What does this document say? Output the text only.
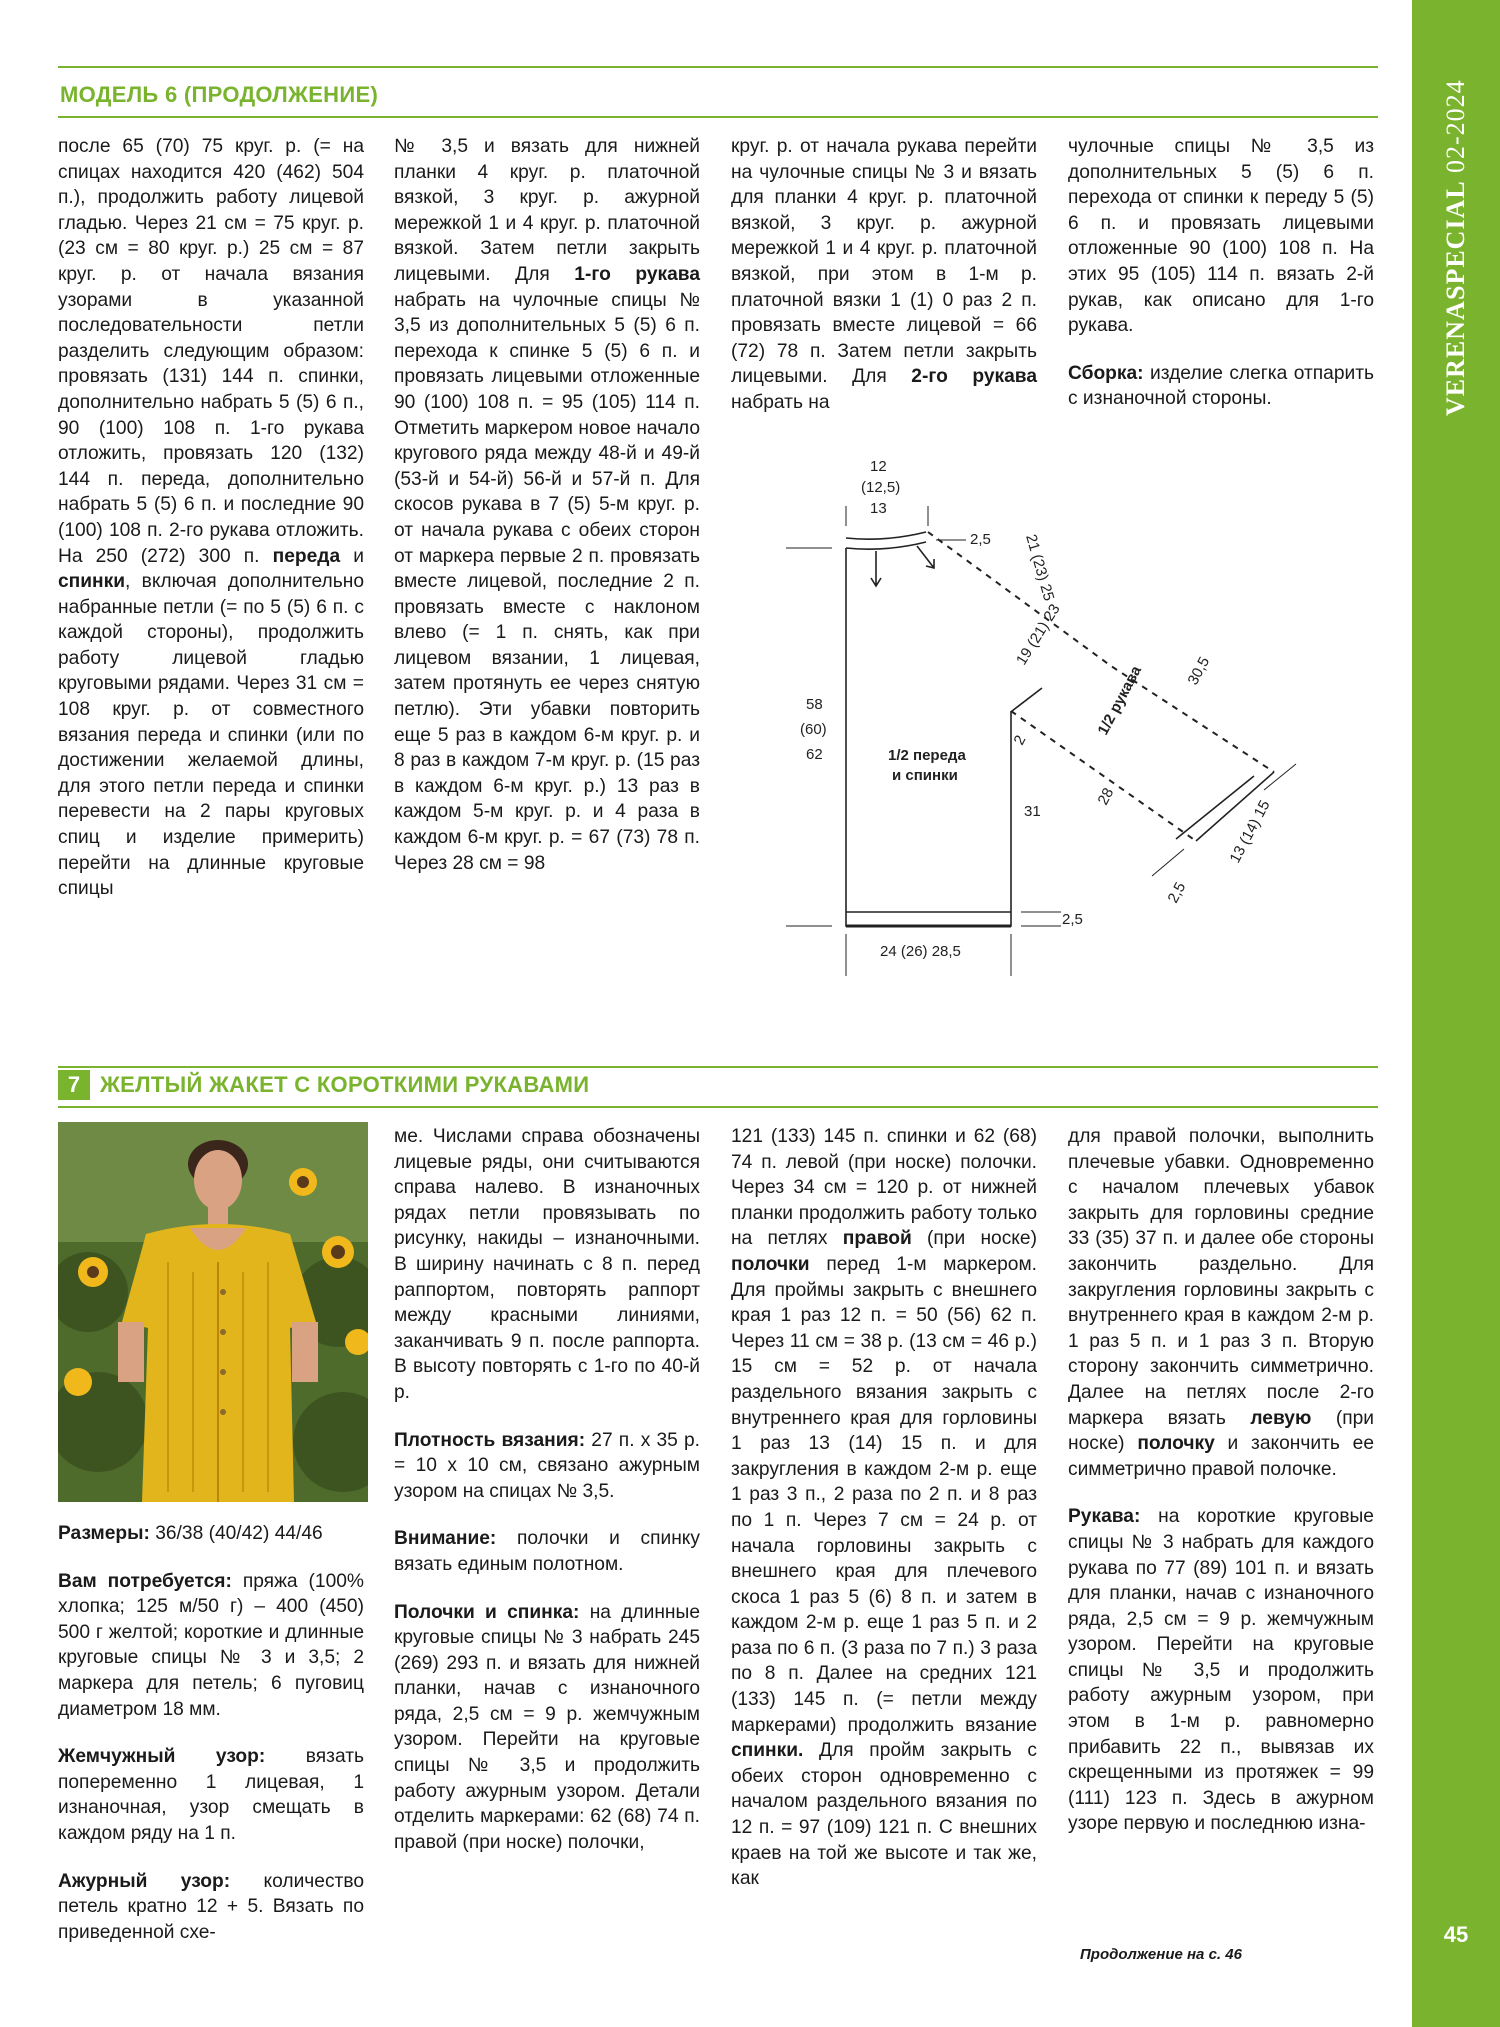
VERENA
SPECIAL

02-2024
45
МОДЕЛЬ 6 (ПРОДОЛЖЕНИЕ)

после 65 (70) 75 круг. р. (= на спицах находится 420 (462) 504 п.), продолжить работу лицевой гладью. Через 21 см = 75 круг. р. (23 см = 80 круг. р.) 25 см = 87 круг. р. от начала вязания узорами в указанной последовательности петли разделить следующим образом: провязать (131) 144 п. спинки, дополнительно набрать 5 (5) 6 п., 90 (100) 108 п. 1-го рукава отложить, провязать 120 (132) 144 п. переда, дополнительно набрать 5 (5) 6 п. и последние 90 (100) 108 п. 2-го рукава отложить. На 250 (272) 300 п. переда и спинки, включая дополнительно набранные петли (= по 5 (5) 6 п. с каждой стороны), продолжить работу лицевой гладью круговыми рядами. Через 31 см = 108 круг. р. от совместного вязания переда и спинки (или по достижении желаемой длины, для этого петли переда и спинки перевести на 2 пары круговых спиц и изделие примерить) перейти на длинные круговые спицы

№ 3,5 и вязать для нижней планки 4 круг. р. платочной вязкой, 3 круг. р. ажурной мережкой 1 и 4 круг. р. платочной вязкой. Затем петли закрыть лицевыми. Для 1-го рукава набрать на чулочные спицы № 3,5 из дополнительных 5 (5) 6 п. перехода к спинке 5 (5) 6 п. и провязать лицевыми отложенные 90 (100) 108 п. = 95 (105) 114 п. Отметить маркером новое начало кругового ряда между 48-й и 49-й (53-й и 54-й) 56-й и 57-й п. Для скосов рукава в 7 (5) 5-м круг. р. от начала рукава с обеих сторон от маркера первые 2 п. провязать вместе лицевой, последние 2 п. провязать вместе с наклоном влево (= 1 п. снять, как при лицевом вязании, 1 лицевая, затем протянуть ее через снятую петлю). Эти убавки повторить еще 5 раз в каждом 6-м круг. р. и 8 раз в каждом 7-м круг. р. (15 раз в каждом 6-м круг. р.) 13 раз в каждом 5-м круг. р. и 4 раза в каждом 6-м круг. р. = 67 (73) 78 п. Через 28 см = 98

круг. р. от начала рукава перейти на чулочные спицы № 3 и вязать для планки 4 круг. р. платочной вязкой, 3 круг. р. ажурной мережкой 1 и 4 круг. р. платочной вязкой, при этом в 1-м р. платочной вязки 1 (1) 0 раз 2 п. провязать вместе лицевой = 66 (72) 78 п. Затем петли закрыть лицевыми. Для 2-го рукава набрать на

чулочные спицы № 3,5 из дополнительных 5 (5) 6 п. перехода от спинки к переду 5 (5) 6 п. и провязать лицевыми отложенные 90 (100) 108 п. На этих 95 (105) 114 п. вязать 2-й рукав, как описано для 1-го рукава.

Сборка: изделие слегка отпарить с изнаночной стороны.

12
(12,5)
13
2,5 21 (23) 25
19 (21) 23
30,5
58
(60)
62	1/2 переда
и спинки
1/2 рукава
31
2
28
13 (14) 15
2,5
2,5
24 (26) 28,5
7 ЖЕЛТЫЙ ЖАКЕТ С КОРОТКИМИ РУКАВАМИ

Размеры: 36/38 (40/42) 44/46

Вам потребуется: пряжа (100% хлопка; 125 м/50 г) – 400 (450) 500 г желтой; короткие и длинные круговые спицы № 3 и 3,5; 2 маркера для петель; 6 пуговиц диаметром 18 мм.

Жемчужный узор: вязать попеременно 1 лицевая, 1 изнаночная, узор смещать в каждом ряду на 1 п.

Ажурный узор: количество петель кратно 12 + 5. Вязать по приведенной схе-

ме. Числами справа обозначены лицевые ряды, они считываются справа налево. В изнаночных рядах петли провязывать по рисунку, накиды – изнаночными. В ширину начинать с 8 п. перед раппортом, повторять раппорт между красными линиями, заканчивать 9 п. после раппорта. В высоту повторять с 1-го по 40-й р.

Плотность вязания: 27 п. х 35 р. = 10 х 10 см, связано ажурным узором на спицах № 3,5.

Внимание: полочки и спинку вязать единым полотном.

Полочки и спинка: на длинные круговые спицы № 3 набрать 245 (269) 293 п. и вязать для нижней планки, начав с изнаночного ряда, 2,5 см = 9 р. жемчужным узором. Перейти на круговые спицы № 3,5 и продолжить работу ажурным узором. Детали отделить маркерами: 62 (68) 74 п. правой (при носке) полочки,

121 (133) 145 п. спинки и 62 (68) 74 п. левой (при носке) полочки. Через 34 см = 120 р. от нижней планки продолжить работу только на петлях правой (при носке) полочки перед 1-м маркером. Для проймы закрыть с внешнего края 1 раз 12 п. = 50 (56) 62 п. Через 11 см = 38 р. (13 см = 46 р.) 15 см = 52 р. от начала раздельного вязания закрыть с внутреннего края для горловины 1 раз 13 (14) 15 п. и для закругления в каждом 2-м р. еще 1 раз 3 п., 2 раза по 2 п. и 8 раз по 1 п. Через 7 см = 24 р. от начала горловины закрыть с внешнего края для плечевого скоса 1 раз 5 (6) 8 п. и затем в каждом 2-м р. еще 1 раз 5 п. и 2 раза по 6 п. (3 раза по 7 п.) 3 раза по 8 п. Далее на средних 121 (133) 145 п. (= петли между маркерами) продолжить вязание спинки. Для пройм закрыть с обеих сторон одновременно с началом раздельного вязания по 12 п. = 97 (109) 121 п. С внешних краев на той же высоте и так же, как

для правой полочки, выполнить плечевые убавки. Одновременно с началом плечевых убавок закрыть для горловины средние 33 (35) 37 п. и далее обе стороны закончить раздельно. Для закругления горловины закрыть с внутреннего края в каждом 2-м р. 1 раз 5 п. и 1 раз 3 п. Вторую сторону закончить симметрично. Далее на петлях после 2-го маркера вязать левую (при носке) полочку и закончить ее симметрично правой полочке.

Рукава: на короткие круговые спицы № 3 набрать для каждого рукава по 77 (89) 101 п. и вязать для планки, начав с изнаночного ряда, 2,5 см = 9 р. жемчужным узором. Перейти на круговые спицы № 3,5 и продолжить работу ажурным узором, при этом в 1-м р. равномерно прибавить 22 п., вывязав их скрещенными из протяжек = 99 (111) 123 п. Здесь в ажурном узоре первую и последнюю изна-

Продолжение на с. 46
